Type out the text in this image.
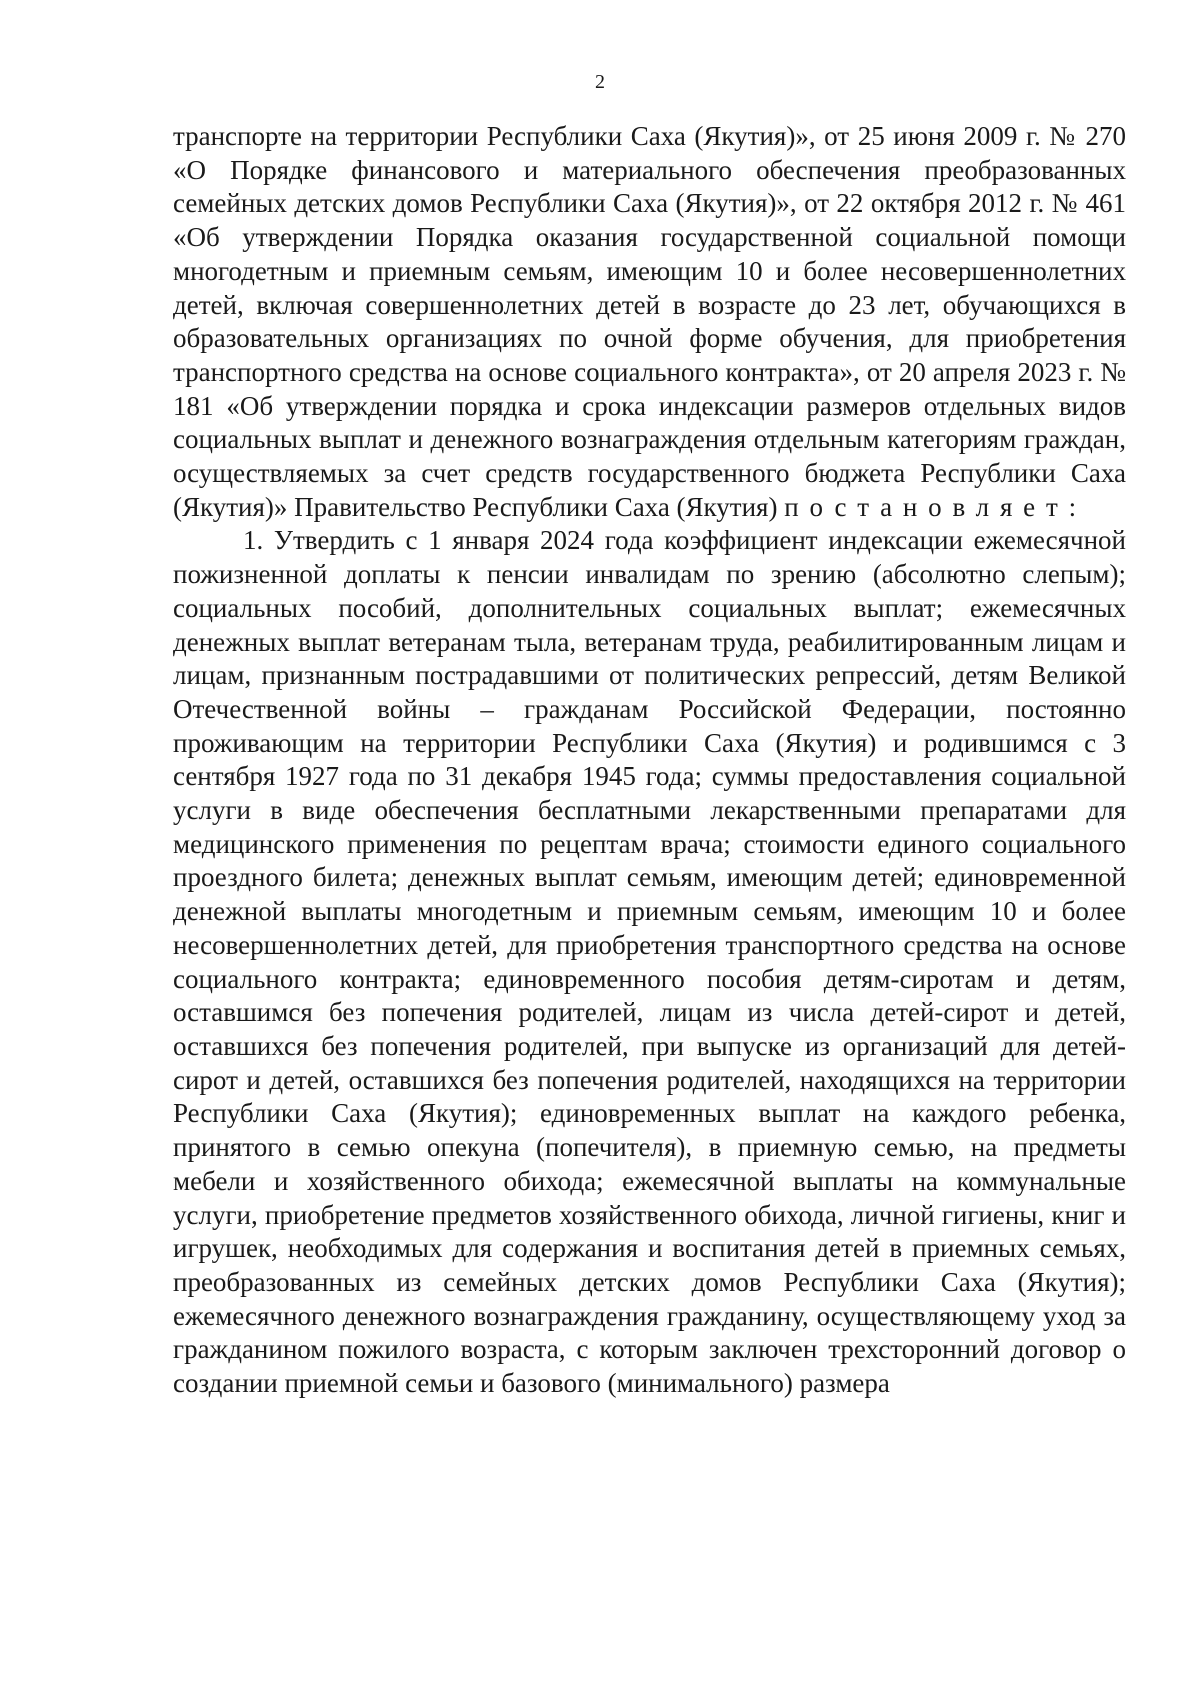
2

транспорте на территории Республики Саха (Якутия)», от 25 июня 2009 г. № 270 «О Порядке финансового и материального обеспечения преобразованных семейных детских домов Республики Саха (Якутия)», от 22 октября 2012 г. № 461 «Об утверждении Порядка оказания государственной социальной помощи многодетным и приемным семьям, имеющим 10 и более несовершеннолетних детей, включая совершеннолетних детей в возрасте до 23 лет, обучающихся в образовательных организациях по очной форме обучения, для приобретения транспортного средства на основе социального контракта», от 20 апреля 2023 г. № 181 «Об утверждении порядка и срока индексации размеров отдельных видов социальных выплат и денежного вознаграждения отдельным категориям граждан, осуществляемых за счет средств государственного бюджета Республики Саха (Якутия)» Правительство Республики Саха (Якутия) постановляет:

1. Утвердить с 1 января 2024 года коэффициент индексации ежемесячной пожизненной доплаты к пенсии инвалидам по зрению (абсолютно слепым); социальных пособий, дополнительных социальных выплат; ежемесячных денежных выплат ветеранам тыла, ветеранам труда, реабилитированным лицам и лицам, признанным пострадавшими от политических репрессий, детям Великой Отечественной войны – гражданам Российской Федерации, постоянно проживающим на территории Республики Саха (Якутия) и родившимся с 3 сентября 1927 года по 31 декабря 1945 года; суммы предоставления социальной услуги в виде обеспечения бесплатными лекарственными препаратами для медицинского применения по рецептам врача; стоимости единого социального проездного билета; денежных выплат семьям, имеющим детей; единовременной денежной выплаты многодетным и приемным семьям, имеющим 10 и более несовершеннолетних детей, для приобретения транспортного средства на основе социального контракта; единовременного пособия детям-сиротам и детям, оставшимся без попечения родителей, лицам из числа детей-сирот и детей, оставшихся без попечения родителей, при выпуске из организаций для детей-сирот и детей, оставшихся без попечения родителей, находящихся на территории Республики Саха (Якутия); единовременных выплат на каждого ребенка, принятого в семью опекуна (попечителя), в приемную семью, на предметы мебели и хозяйственного обихода; ежемесячной выплаты на коммунальные услуги, приобретение предметов хозяйственного обихода, личной гигиены, книг и игрушек, необходимых для содержания и воспитания детей в приемных семьях, преобразованных из семейных детских домов Республики Саха (Якутия); ежемесячного денежного вознаграждения гражданину, осуществляющему уход за гражданином пожилого возраста, с которым заключен трехсторонний договор о создании приемной семьи и базового (минимального) размера
